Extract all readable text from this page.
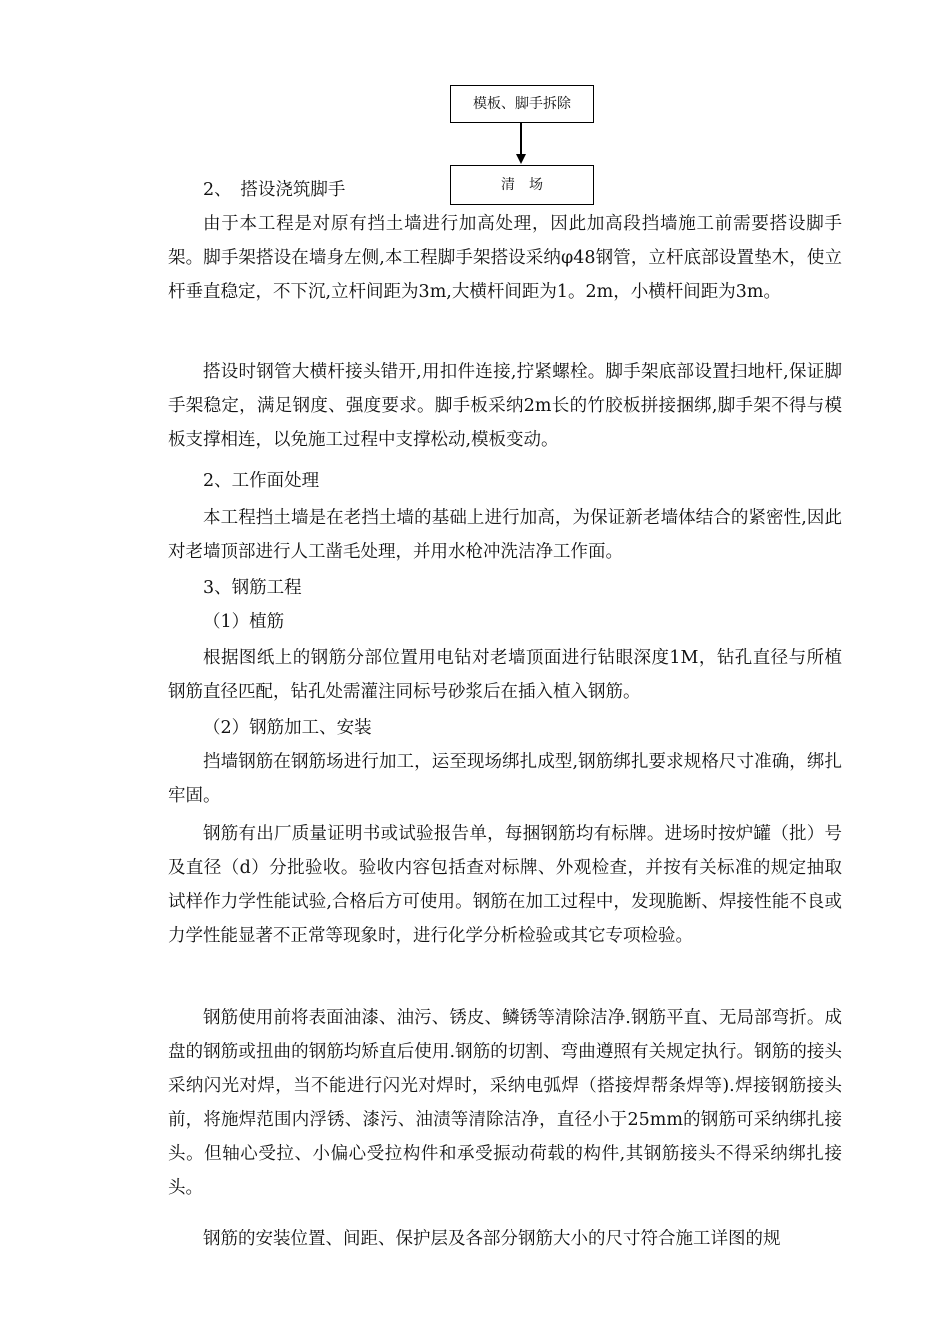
模板、脚手拆除
清　场

2、　搭设浇筑脚手

由于本工程是对原有挡土墙进行加高处理，因此加高段挡墙施工前需要搭设脚手架。脚手架搭设在墙身左侧,本工程脚手架搭设采纳φ48钢管，立杆底部设置垫木，使立杆垂直稳定，不下沉,立杆间距为3m,大横杆间距为1。2m，小横杆间距为3m。

搭设时钢管大横杆接头错开,用扣件连接,拧紧螺栓。脚手架底部设置扫地杆,保证脚手架稳定，满足钢度、强度要求。脚手板采纳2m长的竹胶板拼接捆绑,脚手架不得与模板支撑相连，以免施工过程中支撑松动,模板变动。

2、工作面处理

本工程挡土墙是在老挡土墙的基础上进行加高，为保证新老墙体结合的紧密性,因此对老墙顶部进行人工凿毛处理，并用水枪冲洗洁净工作面。

3、钢筋工程

（1）植筋

根据图纸上的钢筋分部位置用电钻对老墙顶面进行钻眼深度1M，钻孔直径与所植钢筋直径匹配，钻孔处需灌注同标号砂浆后在插入植入钢筋。

（2）钢筋加工、安装

挡墙钢筋在钢筋场进行加工，运至现场绑扎成型,钢筋绑扎要求规格尺寸准确，绑扎牢固。

钢筋有出厂质量证明书或试验报告单，每捆钢筋均有标牌。进场时按炉罐（批）号及直径（d）分批验收。验收内容包括查对标牌、外观检查，并按有关标准的规定抽取试样作力学性能试验,合格后方可使用。钢筋在加工过程中，发现脆断、焊接性能不良或力学性能显著不正常等现象时，进行化学分析检验或其它专项检验。

钢筋使用前将表面油漆、油污、锈皮、鳞锈等清除洁净.钢筋平直、无局部弯折。成盘的钢筋或扭曲的钢筋均矫直后使用.钢筋的切割、弯曲遵照有关规定执行。钢筋的接头采纳闪光对焊，当不能进行闪光对焊时，采纳电弧焊（搭接焊帮条焊等).焊接钢筋接头前，将施焊范围内浮锈、漆污、油渍等清除洁净，直径小于25mm的钢筋可采纳绑扎接头。但轴心受拉、小偏心受拉构件和承受振动荷载的构件,其钢筋接头不得采纳绑扎接头。

钢筋的安装位置、间距、保护层及各部分钢筋大小的尺寸符合施工详图的规
